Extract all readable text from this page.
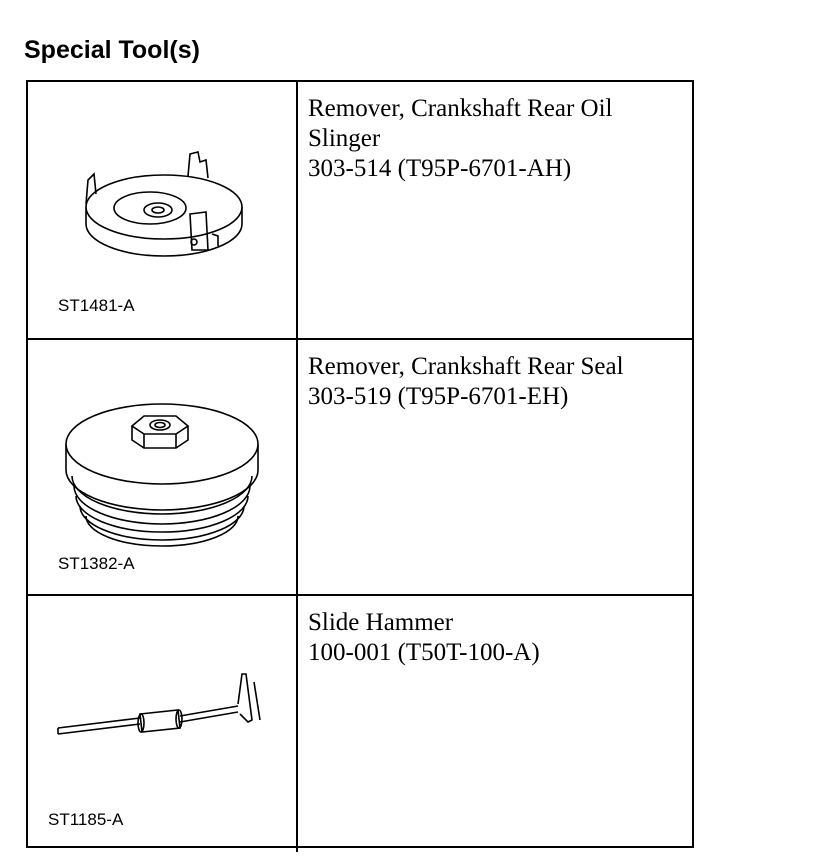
Special Tool(s)
ST1481-A
Remover, Crankshaft Rear Oil
Slinger
303-514 (T95P-6701-AH)
ST1382-A
Remover, Crankshaft Rear Seal
303-519 (T95P-6701-EH)
ST1185-A
Slide Hammer
100-001 (T50T-100-A)
